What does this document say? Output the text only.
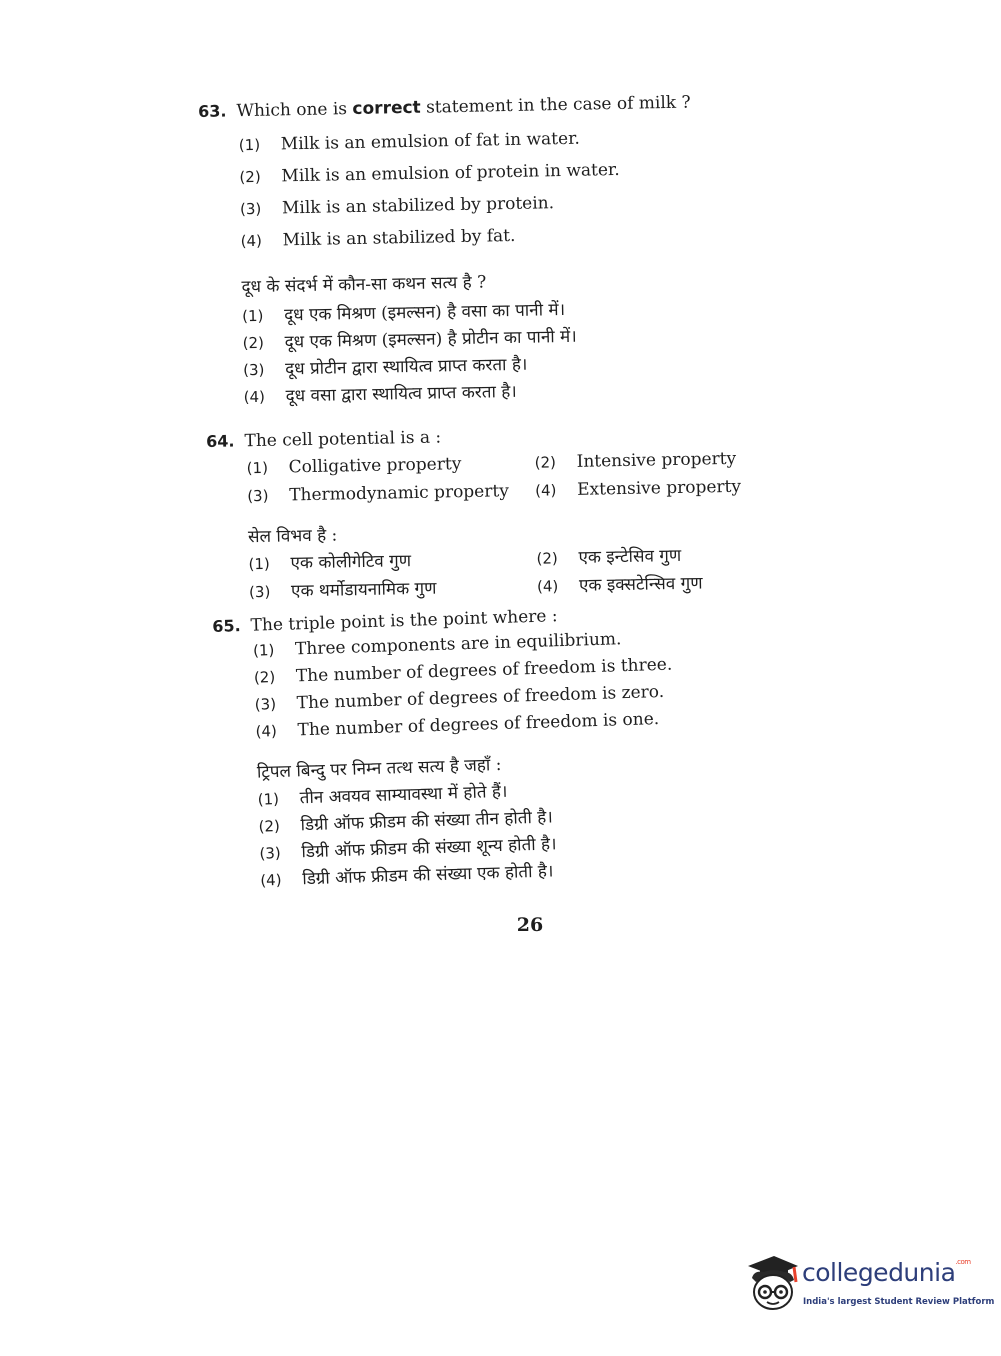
63. Which one is correct statement in the case of milk ?
(1) Milk is an emulsion of fat in water.
(2) Milk is an emulsion of protein in water.
(3) Milk is an stabilized by protein.
(4) Milk is an stabilized by fat.
दूध के संदर्भ में कौन-सा कथन सत्य है ?
(1) दूध एक मिश्रण (इमल्सन) है वसा का पानी में।
(2) दूध एक मिश्रण (इमल्सन) है प्रोटीन का पानी में।
(3) दूध प्रोटीन द्वारा स्थायित्व प्राप्त करता है।
(4) दूध वसा द्वारा स्थायित्व प्राप्त करता है।
64. The cell potential is a :
(1) Colligative property	(2) Intensive property
(3) Thermodynamic property (4) Extensive property
सेल विभव है :
(1) एक कोलीगेटिव गुण	(2) एक इन्टेसिव गुण
(3) एक थर्मोडायनामिक गुण	(4) एक इक्सटेन्सिव गुण
65. The triple point is the point where :
(1) Three components are in equilibrium.
(2) The number of degrees of freedom is three.
(3) The number of degrees of freedom is zero.
(4) The number of degrees of freedom is one.
ट्रिपल बिन्दु पर निम्न तत्थ सत्य है जहाँ :
(1) तीन अवयव साम्यावस्था में होते हैं।
(2) डिग्री ऑफ फ्रीडम की संख्या तीन होती है।
(3) डिग्री ऑफ फ्रीडम की संख्या शून्य होती है।
(4) डिग्री ऑफ फ्रीडम की संख्या एक होती है।
26
collegedunia$^{.com}$
India's largest Student Review Platform
